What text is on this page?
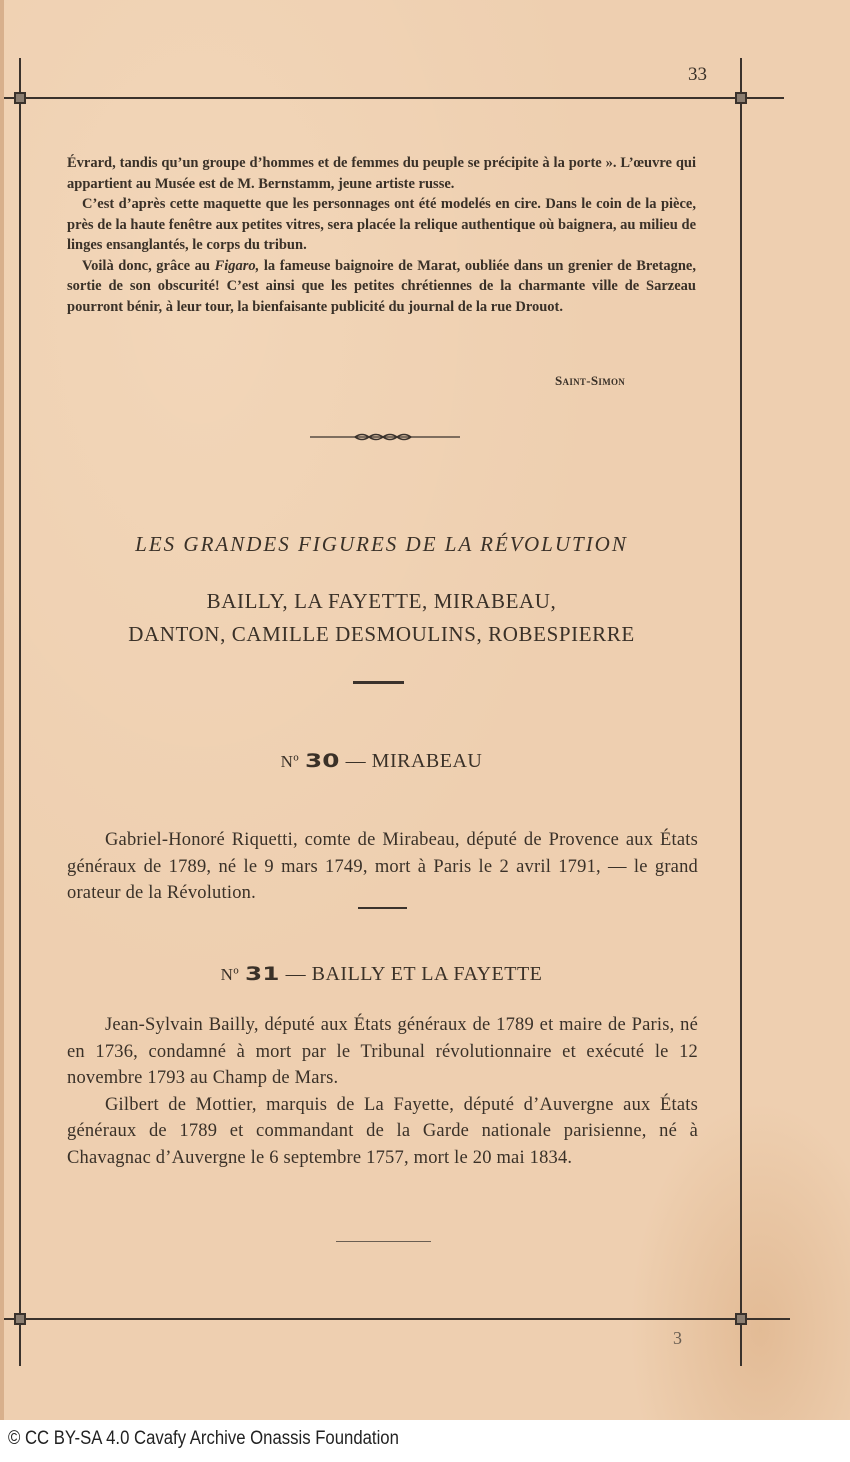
33

Évrard, tandis qu’un groupe d’hommes et de femmes du peuple se précipite à la porte ». L’œuvre qui appartient au Musée est de M. Bernstamm, jeune artiste russe.

C’est d’après cette maquette que les personnages ont été modelés en cire. Dans le coin de la pièce, près de la haute fenêtre aux petites vitres, sera placée la relique authentique où baignera, au milieu de linges ensanglantés, le corps du tribun.

Voilà donc, grâce au Figaro, la fameuse baignoire de Marat, oubliée dans un grenier de Bretagne, sortie de son obscurité! C’est ainsi que les petites chrétiennes de la charmante ville de Sarzeau pourront bénir, à leur tour, la bienfaisante publicité du journal de la rue Drouot.

Saint-Simon
LES GRANDES FIGURES DE LA RÉVOLUTION
BAILLY, LA FAYETTE, MIRABEAU,
DANTON, CAMILLE DESMOULINS, ROBESPIERRE
Nº 30 — MIRABEAU

Gabriel-Honoré Riquetti, comte de Mirabeau, député de Provence aux États généraux de 1789, né le 9 mars 1749, mort à Paris le 2 avril 1791, — le grand orateur de la Révolution.

Nº 31 — BAILLY ET LA FAYETTE

Jean-Sylvain Bailly, député aux États généraux de 1789 et maire de Paris, né en 1736, condamné à mort par le Tribunal révolutionnaire et exécuté le 12 novembre 1793 au Champ de Mars.

Gilbert de Mottier, marquis de La Fayette, député d’Auvergne aux États généraux de 1789 et commandant de la Garde nationale parisienne, né à Chavagnac d’Auvergne le 6 septembre 1757, mort le 20 mai 1834.

3
© CC BY-SA 4.0 Cavafy Archive Onassis Foundation
